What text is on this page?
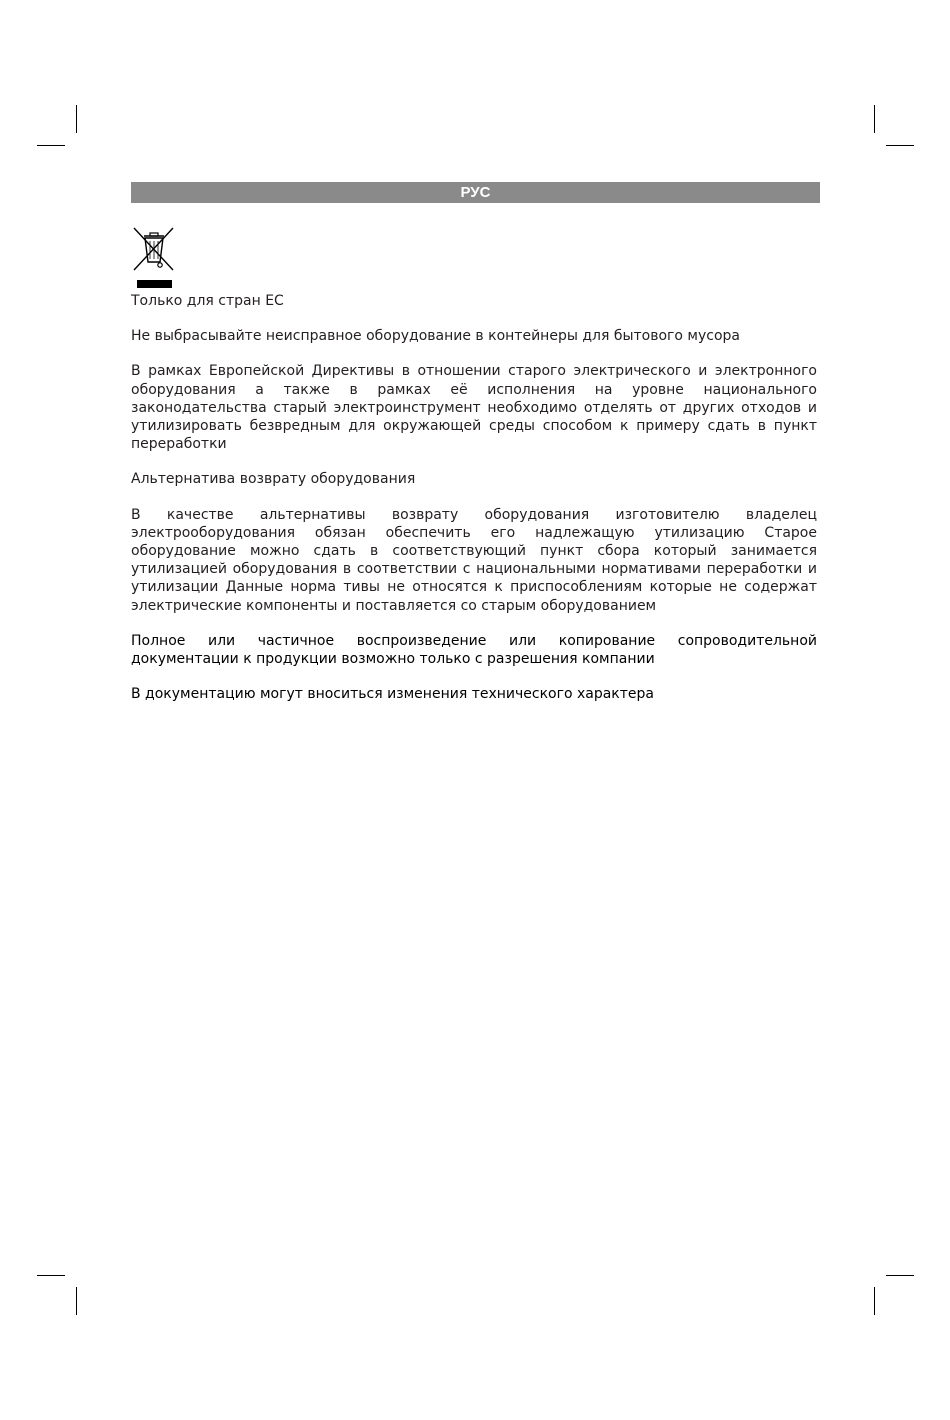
РУС

Только для стран ЕС

Не выбрасывайте неисправное оборудование в контейнеры для бытового мусора

В рамках Европейской Директивы в отношении старого электрического и электронного оборудования а также в рамках её исполнения на уровне национального законодательства старый электроинструмент необходимо отделять от других отходов и утилизировать безвредным для окружающей среды способом к примеру сдать в пункт переработки

Альтернатива возврату оборудования

В качестве альтернативы возврату оборудования изготовителю владелец электрооборудования обязан обеспечить его надлежащую утилизацию Старое оборудование можно сдать в соответствующий пункт сбора который занимается утилизацией оборудования в соответствии с национальными нормативами переработки и утилизации Данные норма тивы не относятся к приспособлениям которые не содержат электрические компоненты и поставляется со старым оборудованием

Полное или частичное воспроизведение или копирование сопроводительной документации к продукции возможно только с разрешения компании

В документацию могут вноситься изменения технического характера
